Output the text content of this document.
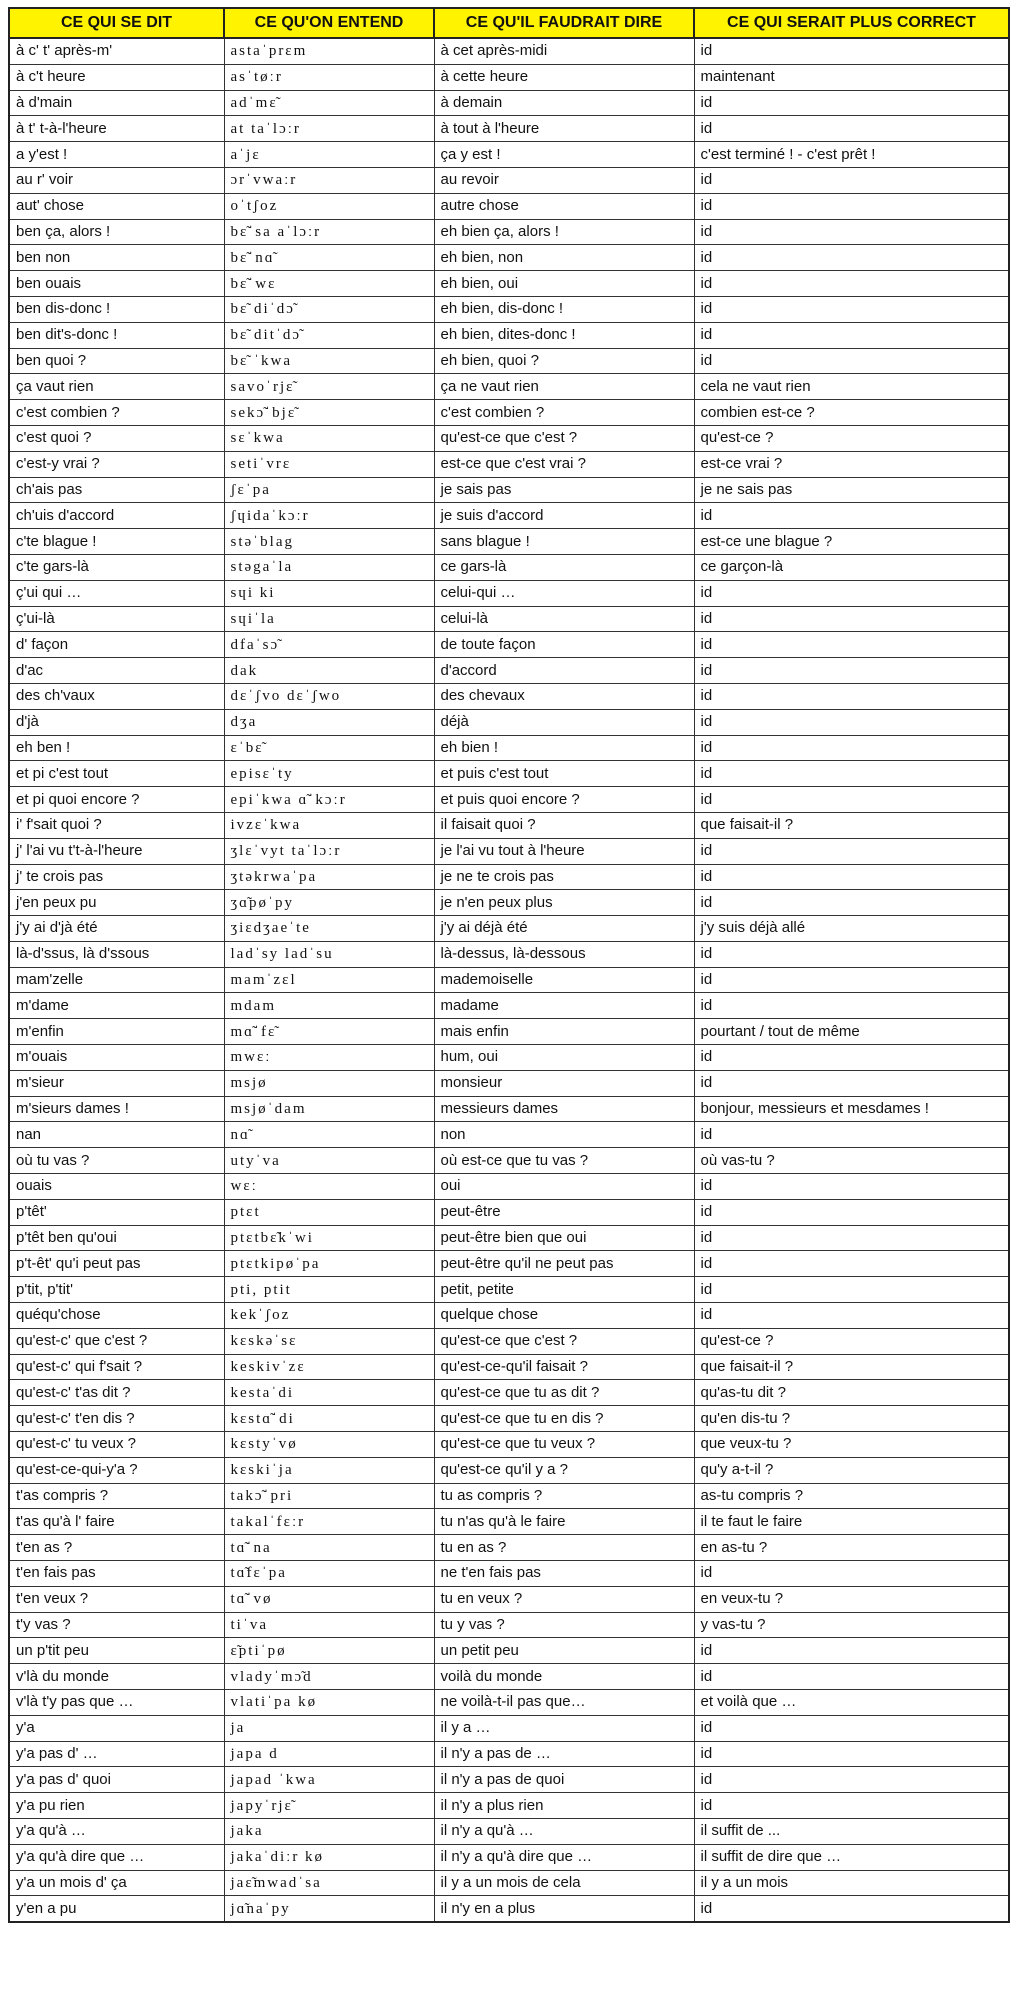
CE QUI SE DIT	CE QU'ON ENTEND	CE QU'IL FAUDRAIT DIRE	CE QUI SERAIT PLUS CORRECT
à c' t' après-m'	astaˈprɛm	à cet après-midi	id
à c't heure	asˈtøːr	à cette heure	maintenant
à d'main	adˈmɛ̃	à demain	id
à t' t-à-l'heure	at taˈlɔːr	à tout à l'heure	id
a y'est !	aˈjɛ	ça y est !	c'est terminé ! - c'est prêt !
au r' voir	ɔrˈvwaːr	au revoir	id
aut' chose	oˈtʃoz	autre chose	id
ben ça, alors !	bɛ̃ˈsa aˈlɔːr	eh bien ça, alors !	id
ben non	bɛ̃ˈnɑ̃	eh bien, non	id
ben ouais	bɛ̃ˈwɛ	eh bien, oui	id
ben dis-donc !	bɛ̃ diˈdɔ̃	eh bien, dis-donc !	id
ben dit's-donc !	bɛ̃ ditˈdɔ̃	eh bien, dites-donc !	id
ben quoi ?	bɛ̃ ˈkwa	eh bien, quoi ?	id
ça vaut rien	savoˈrjɛ̃	ça ne vaut rien	cela ne vaut rien
c'est combien ?	sekɔ̃ˈbjɛ̃	c'est combien ?	combien est-ce ?
c'est quoi ?	sɛˈkwa	qu'est-ce que c'est ?	qu'est-ce ?
c'est-y vrai ?	setiˈvrɛ	est-ce que c'est vrai ?	est-ce vrai ?
ch'ais pas	ʃɛˈpa	je sais pas	je ne sais pas
ch'uis d'accord	ʃɥidaˈkɔːr	je suis d'accord	id
c'te blague !	stəˈblag	sans blague !	est-ce une blague ?
c'te gars-là	stəgaˈla	ce gars-là	ce garçon-là
ç'ui qui …	sɥi ki	celui-qui …	id
ç'ui-là	sɥiˈla	celui-là	id
d' façon	dfaˈsɔ̃	de toute façon	id
d'ac	dak	d'accord	id
des ch'vaux	dɛˈʃvo dɛˈʃwo	des chevaux	id
d'jà	dʒa	déjà	id
eh ben !	ɛˈbɛ̃	eh bien !	id
et pi c'est tout	episɛˈty	et puis c'est tout	id
et pi quoi encore ?	epiˈkwa ɑ̃ˈkɔːr	et puis quoi encore ?	id
i' f'sait quoi ?	ivzɛˈkwa	il faisait quoi ?	que faisait-il ?
j' l'ai vu t't-à-l'heure	ʒlɛˈvyt taˈlɔːr	je l'ai vu tout à l'heure	id
j' te crois pas	ʒtəkrwaˈpa	je ne te crois pas	id
j'en peux pu	ʒɑ̃pøˈpy	je n'en peux plus	id
j'y ai d'jà été	ʒiɛdʒaeˈte	j'y ai déjà été	j'y suis déjà allé
là-d'ssus, là d'ssous	ladˈsy ladˈsu	là-dessus, là-dessous	id
mam'zelle	mamˈzɛl	mademoiselle	id
m'dame	mdam	madame	id
m'enfin	mɑ̃ˈfɛ̃	mais enfin	pourtant / tout de même
m'ouais	mwɛː	hum, oui	id
m'sieur	msjø	monsieur	id
m'sieurs dames !	msjøˈdam	messieurs dames	bonjour, messieurs et mesdames !
nan	nɑ̃	non	id
où tu vas ?	utyˈva	où est-ce que tu vas ?	où vas-tu ?
ouais	wɛː	oui	id
p'têt'	ptɛt	peut-être	id
p'têt ben qu'oui	ptɛtbɛ̃kˈwi	peut-être bien que oui	id
p't-êt' qu'i peut pas	ptɛtkipøˈpa	peut-être qu'il ne peut pas	id
p'tit, p'tit'	pti, ptit	petit, petite	id
quéqu'chose	kekˈʃoz	quelque chose	id
qu'est-c' que c'est ?	kɛskəˈsɛ	qu'est-ce que c'est ?	qu'est-ce ?
qu'est-c' qui f'sait ?	keskivˈzɛ	qu'est-ce-qu'il faisait ?	que faisait-il ?
qu'est-c' t'as dit ?	kestaˈdi	qu'est-ce que tu as dit ?	qu'as-tu dit ?
qu'est-c' t'en dis ?	kɛstɑ̃ˈdi	qu'est-ce que tu en dis ?	qu'en dis-tu ?
qu'est-c' tu veux ?	kɛstyˈvø	qu'est-ce que tu veux ?	que veux-tu ?
qu'est-ce-qui-y'a ?	kɛskiˈja	qu'est-ce qu'il y a ?	qu'y a-t-il ?
t'as compris ?	takɔ̃ˈpri	tu as compris ?	as-tu compris ?
t'as qu'à l' faire	takalˈfɛːr	tu n'as qu'à le faire	il te faut le faire
t'en as ?	tɑ̃ˈna	tu en as ?	en as-tu ?
t'en fais pas	tɑ̃fɛˈpa	ne t'en fais pas	id
t'en veux ?	tɑ̃ˈvø	tu en veux ?	en veux-tu ?
t'y vas ?	tiˈva	tu y vas ?	y vas-tu ?
un p'tit peu	ɛ̃ptiˈpø	un petit peu	id
v'là du monde	vladyˈmɔ̃d	voilà du monde	id
v'là t'y pas que …	vlatiˈpa kø	ne voilà-t-il pas que…	et voilà que …
y'a	ja	il y a …	id
y'a pas d' …	japa d	il n'y a pas de …	id
y'a pas d' quoi	japad ˈkwa	il n'y a pas de quoi	id
y'a pu rien	japyˈrjɛ̃	il n'y a plus rien	id
y'a qu'à …	jaka	il n'y a qu'à …	il suffit de ...
y'a qu'à dire que …	jakaˈdiːr kø	il n'y a qu'à dire que …	il suffit de dire que …
y'a un mois d' ça	jaɛ̃mwadˈsa	il y a un mois de cela	il y a un mois
y'en a pu	jɑ̃naˈpy	il n'y en a plus	id
